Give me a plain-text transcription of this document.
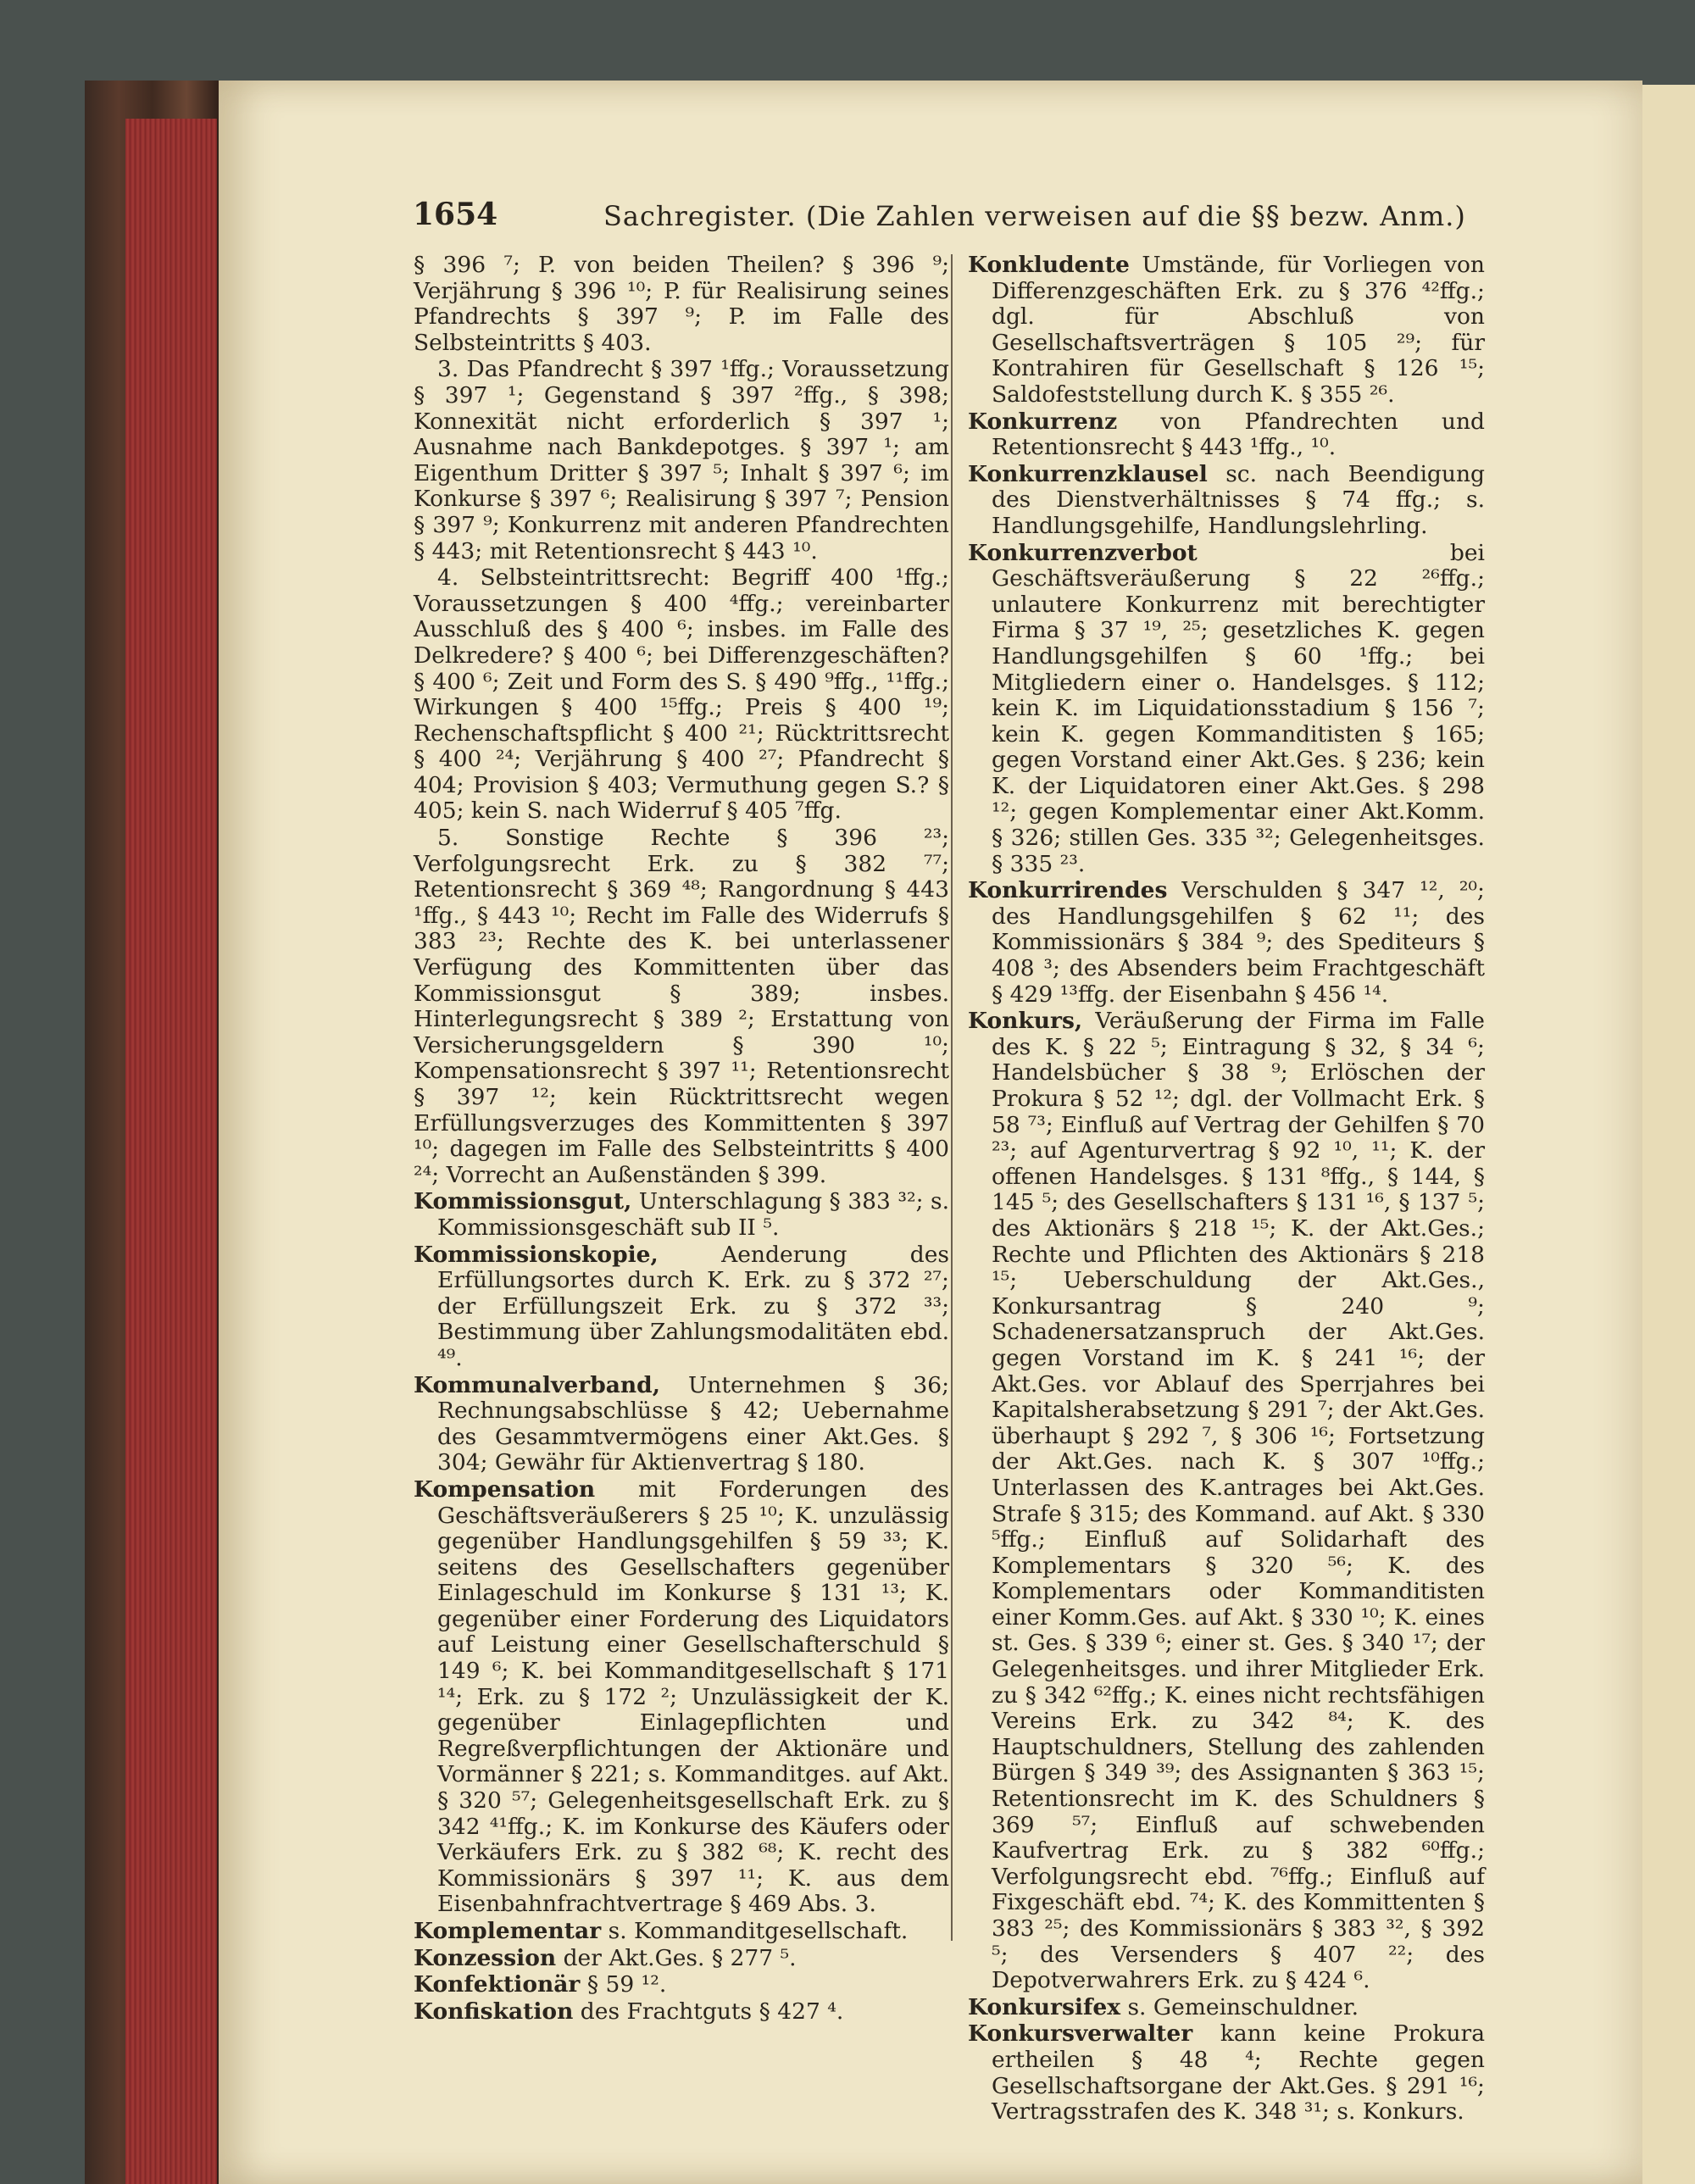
1654	Sachregister. (Die Zahlen verweisen auf die §§ bezw. Anm.)

§ 396 ⁷; P. von beiden Theilen? § 396 ⁹; Verjährung § 396 ¹⁰; P. für Realisirung seines Pfandrechts § 397 ⁹; P. im Falle des Selbsteintritts § 403.

3. Das Pfandrecht § 397 ¹ffg.; Voraussetzung § 397 ¹; Gegenstand § 397 ²ffg., § 398; Konnexität nicht erforderlich § 397 ¹; Ausnahme nach Bankdepotges. § 397 ¹; am Eigenthum Dritter § 397 ⁵; Inhalt § 397 ⁶; im Konkurse § 397 ⁶; Realisirung § 397 ⁷; Pension § 397 ⁹; Konkurrenz mit anderen Pfandrechten § 443; mit Retentionsrecht § 443 ¹⁰.

4. Selbsteintrittsrecht: Begriff 400 ¹ffg.; Voraussetzungen § 400 ⁴ffg.; vereinbarter Ausschluß des § 400 ⁶; insbes. im Falle des Delkredere? § 400 ⁶; bei Differenzgeschäften? § 400 ⁶; Zeit und Form des S. § 490 ⁹ffg., ¹¹ffg.; Wirkungen § 400 ¹⁵ffg.; Preis § 400 ¹⁹; Rechenschaftspflicht § 400 ²¹; Rücktrittsrecht § 400 ²⁴; Verjährung § 400 ²⁷; Pfandrecht § 404; Provision § 403; Vermuthung gegen S.? § 405; kein S. nach Widerruf § 405 ⁷ffg.

5. Sonstige Rechte § 396 ²³; Verfolgungsrecht Erk. zu § 382 ⁷⁷; Retentionsrecht § 369 ⁴⁸; Rangordnung § 443 ¹ffg., § 443 ¹⁰; Recht im Falle des Widerrufs § 383 ²³; Rechte des K. bei unterlassener Verfügung des Kommittenten über das Kommissionsgut § 389; insbes. Hinterlegungsrecht § 389 ²; Erstattung von Versicherungsgeldern § 390 ¹⁰; Kompensationsrecht § 397 ¹¹; Retentionsrecht § 397 ¹²; kein Rücktrittsrecht wegen Erfüllungsverzuges des Kommittenten § 397 ¹⁰; dagegen im Falle des Selbsteintritts § 400 ²⁴; Vorrecht an Außenständen § 399.

Kommissionsgut, Unterschlagung § 383 ³²; s. Kommissionsgeschäft sub II ⁵.

Kommissionskopie, Aenderung des Erfüllungsortes durch K. Erk. zu § 372 ²⁷; der Erfüllungszeit Erk. zu § 372 ³³; Bestimmung über Zahlungsmodalitäten ebd. ⁴⁹.

Kommunalverband, Unternehmen § 36; Rechnungsabschlüsse § 42; Uebernahme des Gesammtvermögens einer Akt.Ges. § 304; Gewähr für Aktienvertrag § 180.

Kompensation mit Forderungen des Geschäftsveräußerers § 25 ¹⁰; K. unzulässig gegenüber Handlungsgehilfen § 59 ³³; K. seitens des Gesellschafters gegenüber Einlageschuld im Konkurse § 131 ¹³; K. gegenüber einer Forderung des Liquidators auf Leistung einer Gesellschafterschuld § 149 ⁶; K. bei Kommanditgesellschaft § 171 ¹⁴; Erk. zu § 172 ²; Unzulässigkeit der K. gegenüber Einlagepflichten und Regreßverpflichtungen der Aktionäre und Vormänner § 221; s. Kommanditges. auf Akt. § 320 ⁵⁷; Gelegenheitsgesellschaft Erk. zu § 342 ⁴¹ffg.; K. im Konkurse des Käufers oder Verkäufers Erk. zu § 382 ⁶⁸; K. recht des Kommissionärs § 397 ¹¹; K. aus dem Eisenbahnfrachtvertrage § 469 Abs. 3.

Komplementar s. Kommanditgesellschaft.

Konzession der Akt.Ges. § 277 ⁵.

Konfektionär § 59 ¹².

Konfiskation des Frachtguts § 427 ⁴.

Konkludente Umstände, für Vorliegen von Differenzgeschäften Erk. zu § 376 ⁴²ffg.; dgl. für Abschluß von Gesellschaftsverträgen § 105 ²⁹; für Kontrahiren für Gesellschaft § 126 ¹⁵; Saldofeststellung durch K. § 355 ²⁶.

Konkurrenz von Pfandrechten und Retentionsrecht § 443 ¹ffg., ¹⁰.

Konkurrenzklausel sc. nach Beendigung des Dienstverhältnisses § 74 ffg.; s. Handlungsgehilfe, Handlungslehrling.

Konkurrenzverbot bei Geschäftsveräußerung § 22 ²⁶ffg.; unlautere Konkurrenz mit berechtigter Firma § 37 ¹⁹, ²⁵; gesetzliches K. gegen Handlungsgehilfen § 60 ¹ffg.; bei Mitgliedern einer o. Handelsges. § 112; kein K. im Liquidationsstadium § 156 ⁷; kein K. gegen Kommanditisten § 165; gegen Vorstand einer Akt.Ges. § 236; kein K. der Liquidatoren einer Akt.Ges. § 298 ¹²; gegen Komplementar einer Akt.Komm. § 326; stillen Ges. 335 ³²; Gelegenheitsges. § 335 ²³.

Konkurrirendes Verschulden § 347 ¹², ²⁰; des Handlungsgehilfen § 62 ¹¹; des Kommissionärs § 384 ⁹; des Spediteurs § 408 ³; des Absenders beim Frachtgeschäft § 429 ¹³ffg. der Eisenbahn § 456 ¹⁴.

Konkurs, Veräußerung der Firma im Falle des K. § 22 ⁵; Eintragung § 32, § 34 ⁶; Handelsbücher § 38 ⁹; Erlöschen der Prokura § 52 ¹²; dgl. der Vollmacht Erk. § 58 ⁷³; Einfluß auf Vertrag der Gehilfen § 70 ²³; auf Agenturvertrag § 92 ¹⁰, ¹¹; K. der offenen Handelsges. § 131 ⁸ffg., § 144, § 145 ⁵; des Gesellschafters § 131 ¹⁶, § 137 ⁵; des Aktionärs § 218 ¹⁵; K. der Akt.Ges.; Rechte und Pflichten des Aktionärs § 218 ¹⁵; Ueberschuldung der Akt.Ges., Konkursantrag § 240 ⁹; Schadenersatzanspruch der Akt.Ges. gegen Vorstand im K. § 241 ¹⁶; der Akt.Ges. vor Ablauf des Sperrjahres bei Kapitalsherabsetzung § 291 ⁷; der Akt.Ges. überhaupt § 292 ⁷, § 306 ¹⁶; Fortsetzung der Akt.Ges. nach K. § 307 ¹⁰ffg.; Unterlassen des K.antrages bei Akt.Ges. Strafe § 315; des Kommand. auf Akt. § 330 ⁵ffg.; Einfluß auf Solidarhaft des Komplementars § 320 ⁵⁶; K. des Komplementars oder Kommanditisten einer Komm.Ges. auf Akt. § 330 ¹⁰; K. eines st. Ges. § 339 ⁶; einer st. Ges. § 340 ¹⁷; der Gelegenheitsges. und ihrer Mitglieder Erk. zu § 342 ⁶²ffg.; K. eines nicht rechtsfähigen Vereins Erk. zu 342 ⁸⁴; K. des Hauptschuldners, Stellung des zahlenden Bürgen § 349 ³⁹; des Assignanten § 363 ¹⁵; Retentionsrecht im K. des Schuldners § 369 ⁵⁷; Einfluß auf schwebenden Kaufvertrag Erk. zu § 382 ⁶⁰ffg.; Verfolgungsrecht ebd. ⁷⁶ffg.; Einfluß auf Fixgeschäft ebd. ⁷⁴; K. des Kommittenten § 383 ²⁵; des Kommissionärs § 383 ³², § 392 ⁵; des Versenders § 407 ²²; des Depotverwahrers Erk. zu § 424 ⁶.

Konkursifex s. Gemeinschuldner.

Konkursverwalter kann keine Prokura ertheilen § 48 ⁴; Rechte gegen Gesellschaftsorgane der Akt.Ges. § 291 ¹⁶; Vertragsstrafen des K. 348 ³¹; s. Konkurs.
